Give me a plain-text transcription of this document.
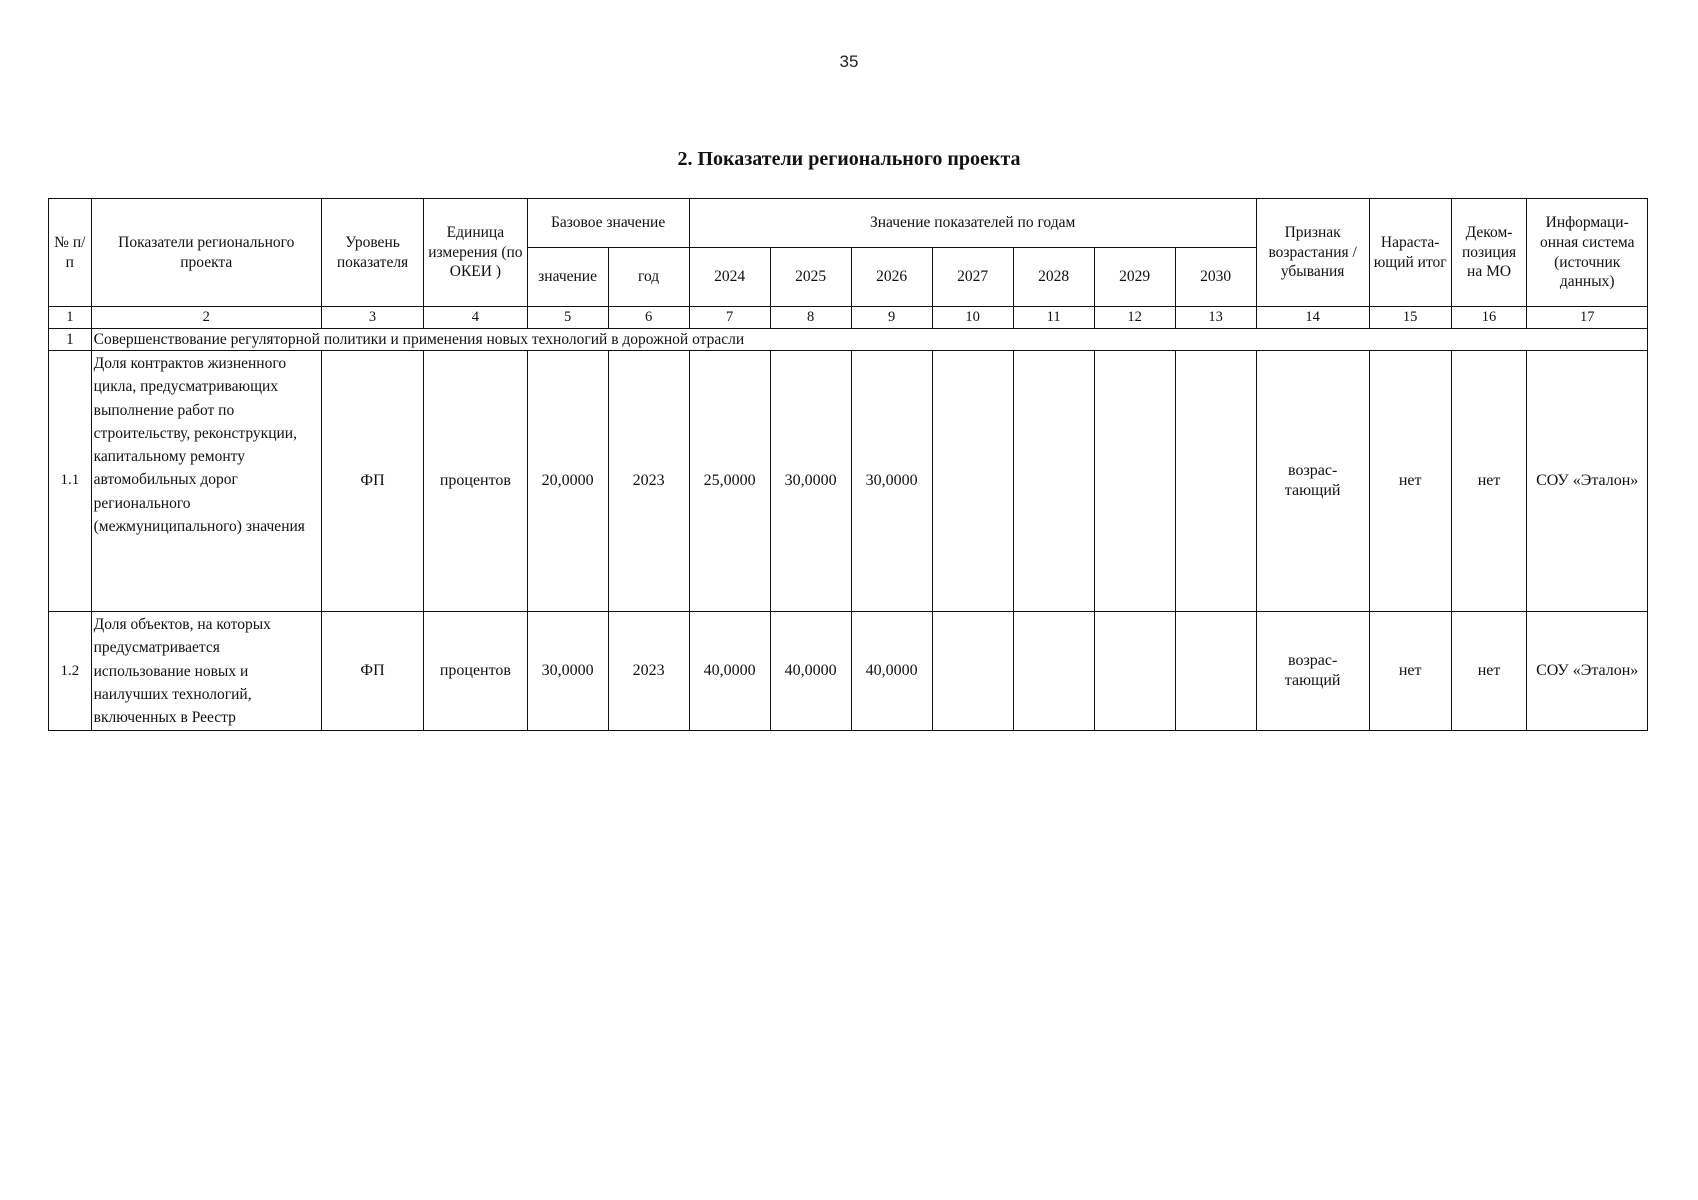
35
2. Показатели регионального проекта
№ п/п	Показатели регионального проекта	Уровень показателя	Единица измерения (по ОКЕИ )	Базовое значение		Значение показателей по годам							Признак возрастания / убывания	Нараста- ющий итог	Деком- позиция на МО	Информаци- онная система (источник данных)
				значение	год	2024	2025	2026	2027	2028	2029	2030				
1	2	3	4	5	6	7	8	9	10	11	12	13	14	15	16	17
1	Совершенствование регуляторной политики и применения новых технологий в дорожной отрасли															
1.1	Доля контрактов жизненного цикла, предусматривающих выполнение работ по строительству, реконструкции, капитальному ремонту автомобильных дорог регионального (межмуниципального) значения	ФП	процентов	20,0000	2023	25,0000	30,0000	30,0000					возрас- тающий	нет	нет	СОУ «Эталон»
1.2	Доля объектов, на которых предусматривается использование новых и наилучших технологий, включенных в Реестр	ФП	процентов	30,0000	2023	40,0000	40,0000	40,0000					возрас- тающий	нет	нет	СОУ «Эталон»
